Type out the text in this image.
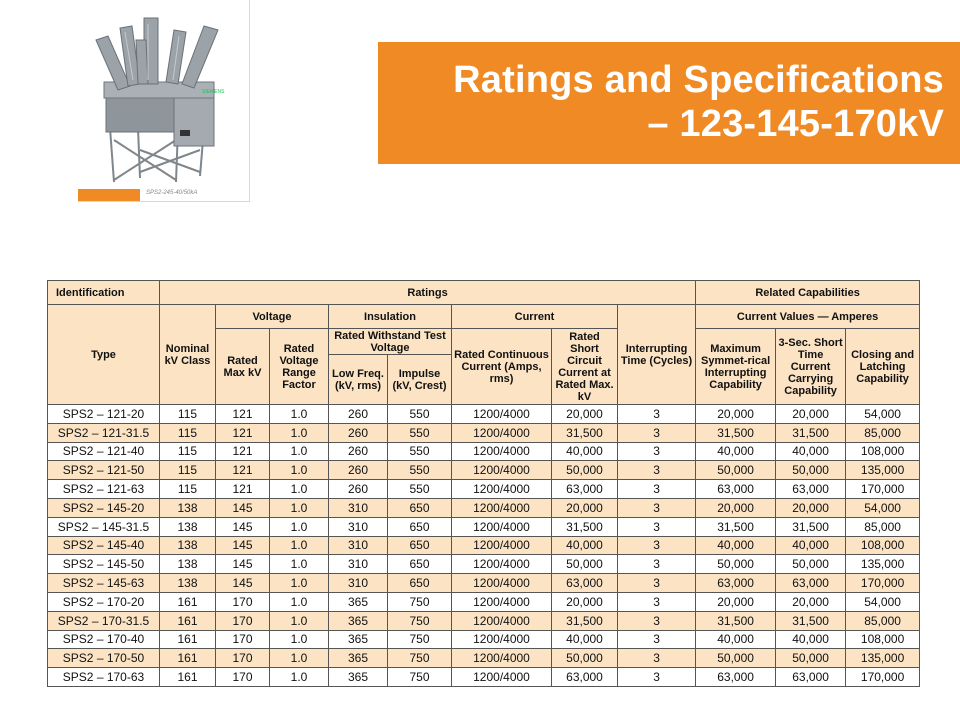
SIEMENS
SPS2-245-40/50kA
Ratings and Specifications
– 123-145-170kV
Identification	Ratings								Related Capabilities		
Type	Nominal kV Class	Voltage		Insulation		Current		Interrupting Time (Cycles)	Current Values — Amperes		
		Rated Max kV	Rated Voltage Range Factor	Rated Withstand Test Voltage		Rated Continuous Current (Amps, rms)	Rated Short Circuit Current at Rated Max. kV		Maximum Symmet-rical Interrupting Capability	3-Sec. Short Time Current Carrying Capability	Closing and Latching Capability
				Low Freq. (kV, rms)	Impulse (kV, Crest)						
SPS2 – 121-20	115	121	1.0	260	550	1200/4000	20,000	3	20,000	20,000	54,000
SPS2 – 121-31.5	115	121	1.0	260	550	1200/4000	31,500	3	31,500	31,500	85,000
SPS2 – 121-40	115	121	1.0	260	550	1200/4000	40,000	3	40,000	40,000	108,000
SPS2 – 121-50	115	121	1.0	260	550	1200/4000	50,000	3	50,000	50,000	135,000
SPS2 – 121-63	115	121	1.0	260	550	1200/4000	63,000	3	63,000	63,000	170,000
SPS2 – 145-20	138	145	1.0	310	650	1200/4000	20,000	3	20,000	20,000	54,000
SPS2 – 145-31.5	138	145	1.0	310	650	1200/4000	31,500	3	31,500	31,500	85,000
SPS2 – 145-40	138	145	1.0	310	650	1200/4000	40,000	3	40,000	40,000	108,000
SPS2 – 145-50	138	145	1.0	310	650	1200/4000	50,000	3	50,000	50,000	135,000
SPS2 – 145-63	138	145	1.0	310	650	1200/4000	63,000	3	63,000	63,000	170,000
SPS2 – 170-20	161	170	1.0	365	750	1200/4000	20,000	3	20,000	20,000	54,000
SPS2 – 170-31.5	161	170	1.0	365	750	1200/4000	31,500	3	31,500	31,500	85,000
SPS2 – 170-40	161	170	1.0	365	750	1200/4000	40,000	3	40,000	40,000	108,000
SPS2 – 170-50	161	170	1.0	365	750	1200/4000	50,000	3	50,000	50,000	135,000
SPS2 – 170-63	161	170	1.0	365	750	1200/4000	63,000	3	63,000	63,000	170,000
